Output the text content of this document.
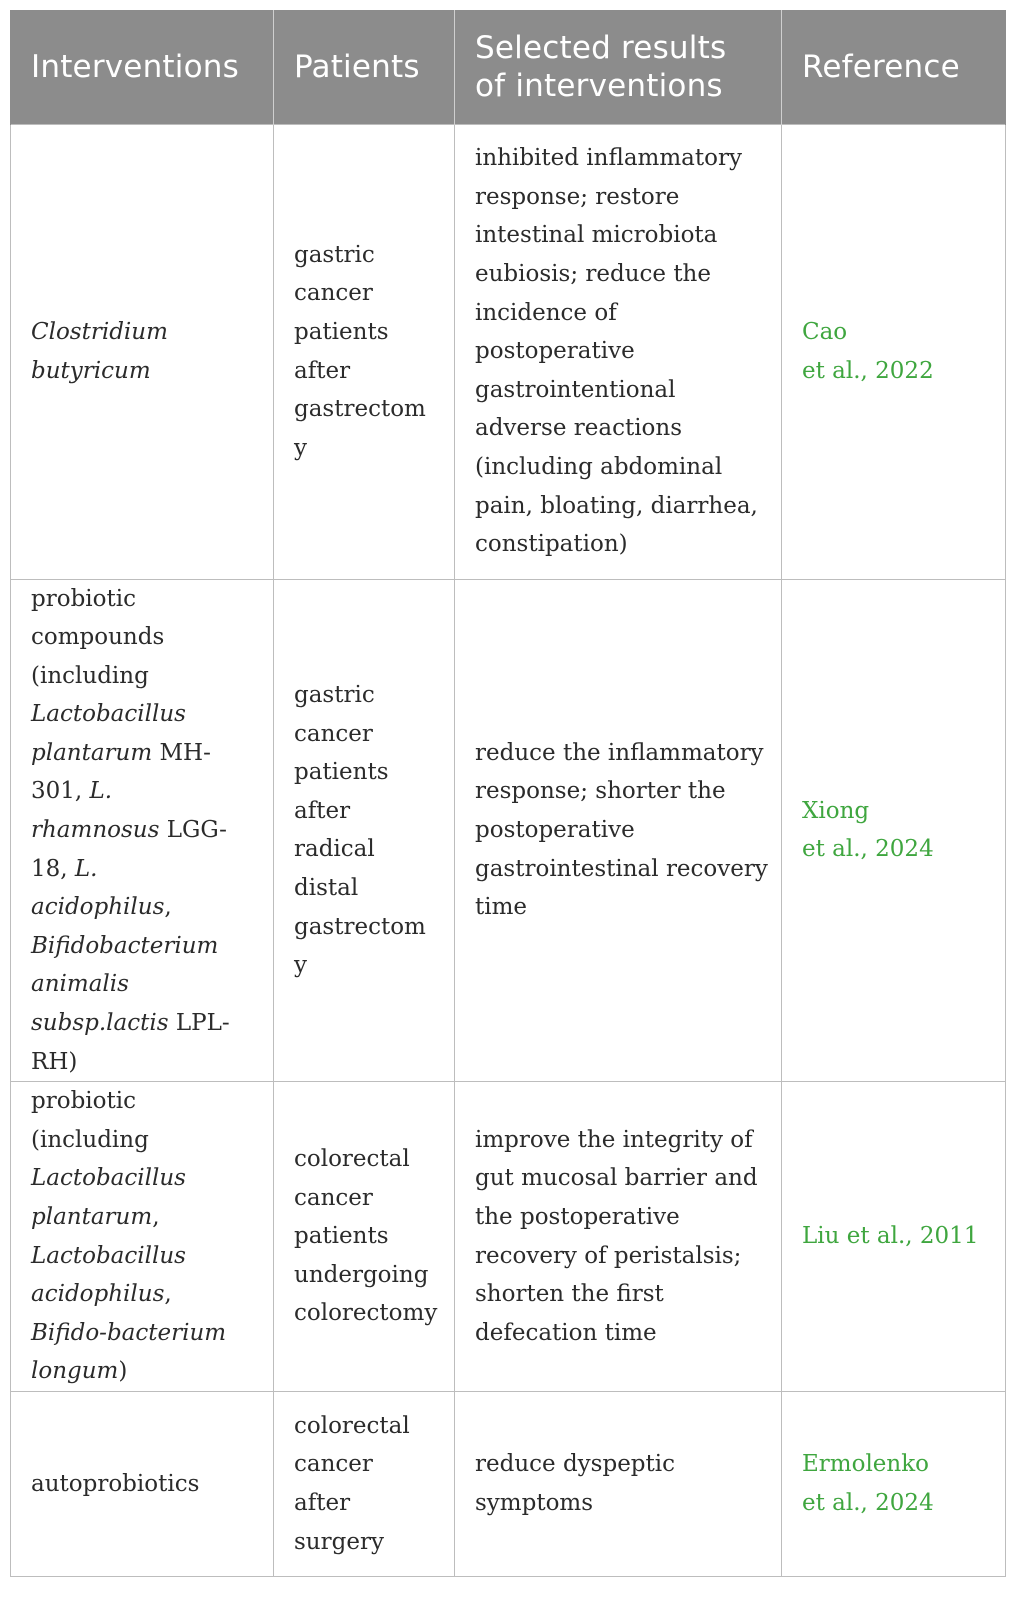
Interventions	Patients	Selected results of interventions	Reference
Clostridium butyricum	gastric cancer patients after gastrectomy	inhibited inflammatory response; restore intestinal microbiota eubiosis; reduce the incidence of postoperative gastrointentional adverse reactions (including abdominal pain, bloating, diarrhea, constipation)	Cao
et al., 2022

probiotic compounds (including Lactobacillus plantarum MH-301, L. rhamnosus LGG-18, L. acidophilus, Bifidobacterium animalis subsp.lactis LPL-RH)	gastric cancer patients after radical distal gastrectomy	reduce the inflammatory response; shorter the postoperative gastrointestinal recovery time	Xiong
et al., 2024

probiotic (including Lactobacillus plantarum, Lactobacillus acidophilus, Bifido-bacterium longum)	colorectal cancer patients undergoing colorectomy	improve the integrity of gut mucosal barrier and the postoperative recovery of peristalsis; shorten the first defecation time	Liu et al., 2011

autoprobiotics	colorectal cancer after surgery	reduce dyspeptic symptoms	Ermolenko
et al., 2024
